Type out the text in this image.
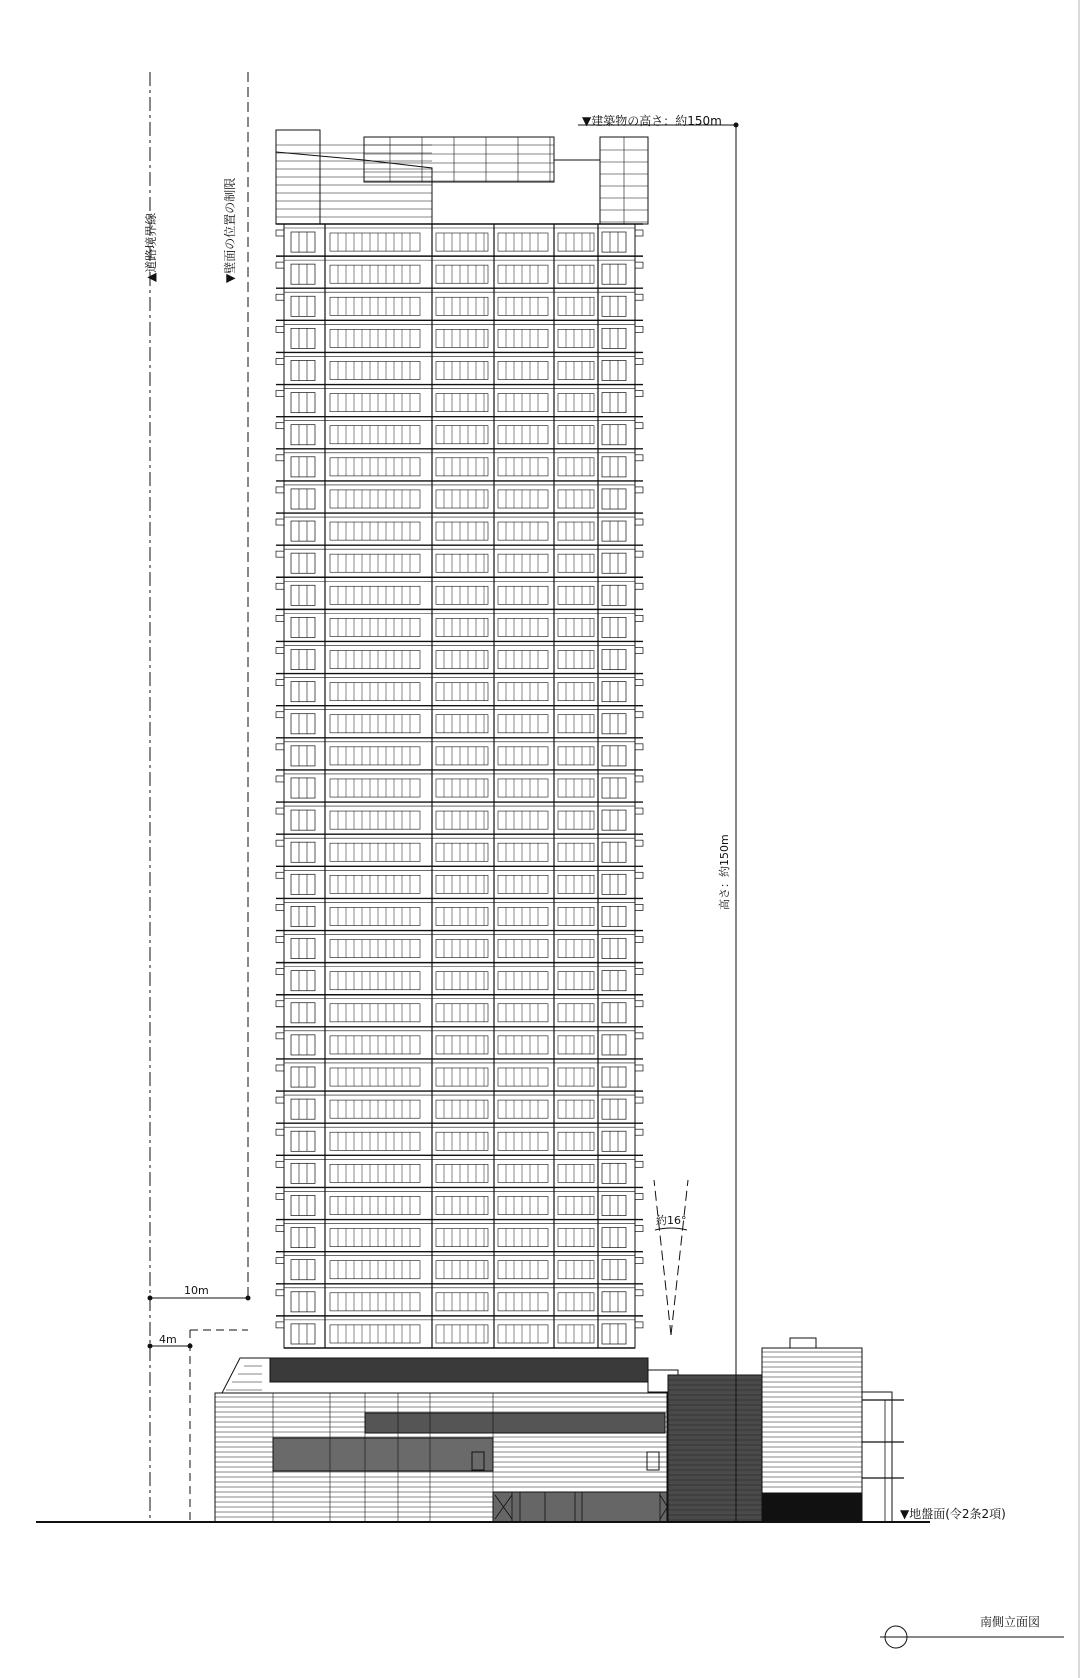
▼建築物の高さ：約150m
高さ：約150m
▲道路境界線	▼壁面の位置の制限
10m
4m
約16°
▼地盤面(令2条2項)
南側立面図
